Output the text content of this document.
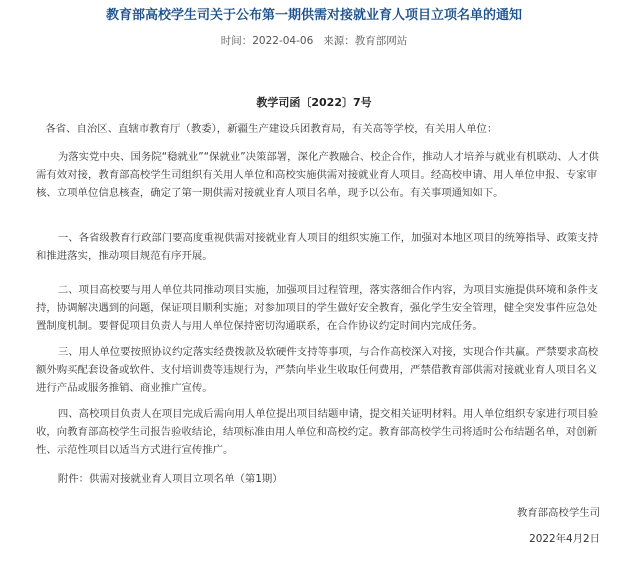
教育部高校学生司关于公布第一期供需对接就业育人项目立项名单的通知
时间：2022-04-06 来源：教育部网站
教学司函〔2022〕7号

各省、自治区、直辖市教育厅（教委），新疆生产建设兵团教育局，有关高等学校，有关用人单位：

为落实党中央、国务院“稳就业”“保就业”决策部署，深化产教融合、校企合作，推动人才培养与就业有机联动、人才供需有效对接，教育部高校学生司组织有关用人单位和高校实施供需对接就业育人项目。经高校申请、用人单位申报、专家审核、立项单位信息核查，确定了第一期供需对接就业育人项目名单，现予以公布。有关事项通知如下。

一、各省级教育行政部门要高度重视供需对接就业育人项目的组织实施工作，加强对本地区项目的统筹指导、政策支持和推进落实，推动项目规范有序开展。

二、项目高校要与用人单位共同推动项目实施，加强项目过程管理，落实落细合作内容，为项目实施提供环境和条件支持，协调解决遇到的问题，保证项目顺利实施；对参加项目的学生做好安全教育，强化学生安全管理，健全突发事件应急处置制度机制。要督促项目负责人与用人单位保持密切沟通联系，在合作协议约定时间内完成任务。

三、用人单位要按照协议约定落实经费拨款及软硬件支持等事项，与合作高校深入对接，实现合作共赢。严禁要求高校额外购买配套设备或软件、支付培训费等违规行为，严禁向毕业生收取任何费用，严禁借教育部供需对接就业育人项目名义进行产品或服务推销、商业推广宣传。

四、高校项目负责人在项目完成后需向用人单位提出项目结题申请，提交相关证明材料。用人单位组织专家进行项目验收，向教育部高校学生司报告验收结论，结项标准由用人单位和高校约定。教育部高校学生司将适时公布结题名单，对创新性、示范性项目以适当方式进行宣传推广。

附件：供需对接就业育人项目立项名单（第1期）

教育部高校学生司
2022年4月2日
